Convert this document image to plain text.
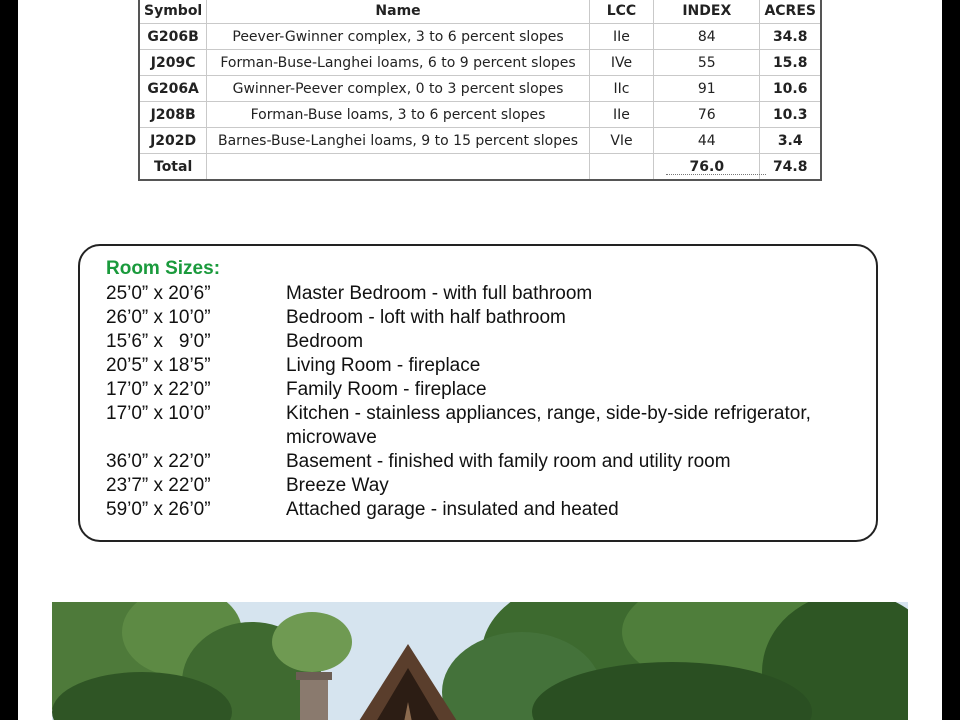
Symbol	Name	LCC	INDEX	ACRES
G206B	Peever-Gwinner complex, 3 to 6 percent slopes	IIe	84	34.8
J209C	Forman-Buse-Langhei loams, 6 to 9 percent slopes	IVe	55	15.8
G206A	Gwinner-Peever complex, 0 to 3 percent slopes	IIc	91	10.6
J208B	Forman-Buse loams, 3 to 6 percent slopes	IIe	76	10.3
J202D	Barnes-Buse-Langhei loams, 9 to 15 percent slopes	VIe	44	3.4
Total			76.0	74.8
Room Sizes:
25’0” x 20’6”	Master Bedroom - with full bathroom
26’0” x 10’0”	Bedroom - loft with half bathroom
15’6” x   9’0”	Bedroom
20’5” x 18’5”	Living Room - fireplace
17’0” x 22’0”	Family Room - fireplace
17’0” x 10’0”	Kitchen - stainless appliances, range, side-by-side refrigerator, microwave
36’0” x 22’0”	Basement - finished with family room and utility room
23’7” x 22’0”	Breeze Way
59’0” x 26’0”	Attached garage - insulated and heated
